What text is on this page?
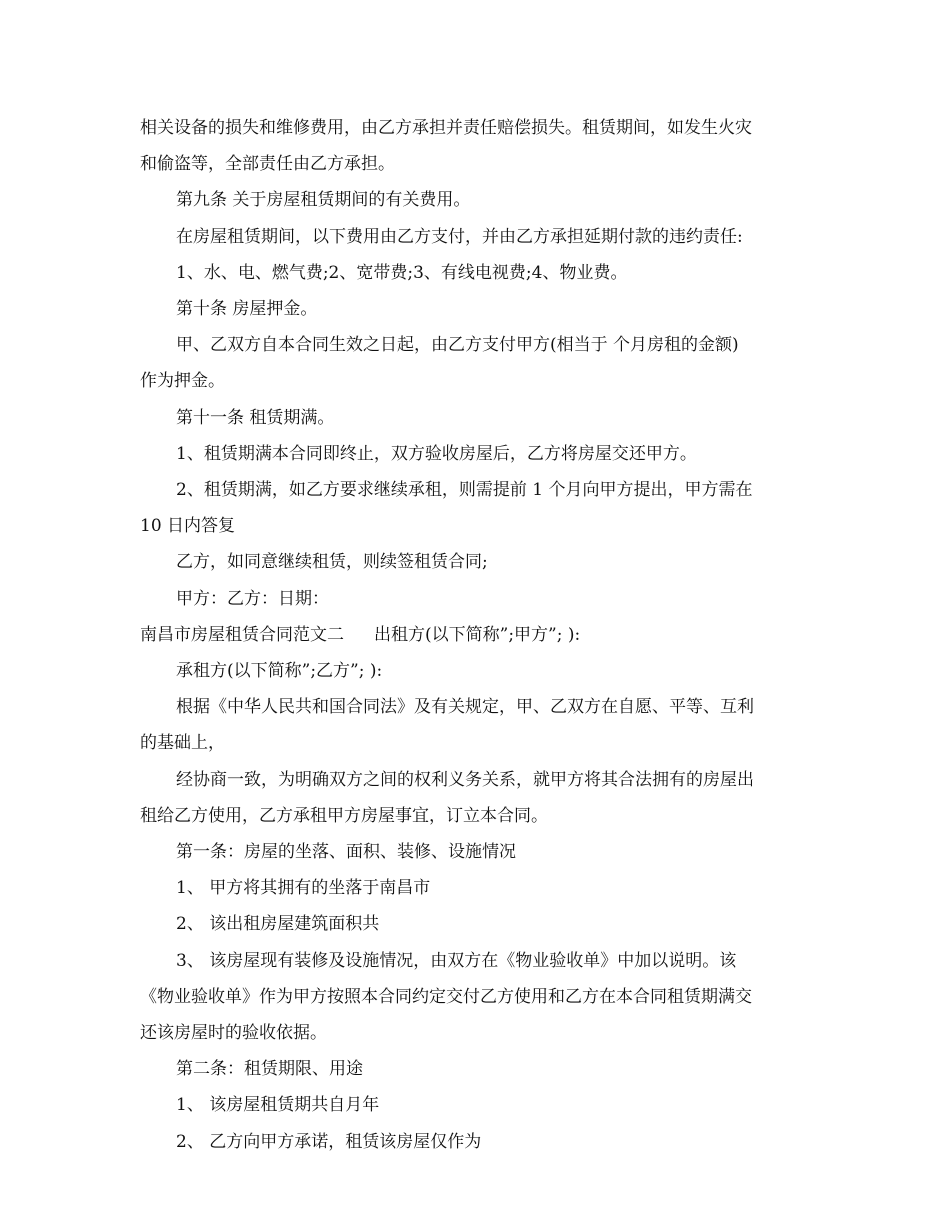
相关设备的损失和维修费用，由乙方承担并责任赔偿损失。租赁期间，如发生火灾
和偷盗等，全部责任由乙方承担。
第九条 关于房屋租赁期间的有关费用。
在房屋租赁期间，以下费用由乙方支付，并由乙方承担延期付款的违约责任:
1、水、电、燃气费;2、宽带费;3、有线电视费;4、物业费。
第十条 房屋押金。
甲、乙双方自本合同生效之日起，由乙方支付甲方(相当于 个月房租的金额)
作为押金。
第十一条 租赁期满。
1、租赁期满本合同即终止，双方验收房屋后，乙方将房屋交还甲方。
2、租赁期满，如乙方要求继续承租，则需提前 1 个月向甲方提出，甲方需在
10 日内答复
乙方，如同意继续租赁，则续签租赁合同;
甲方：乙方：日期：
南昌市房屋租赁合同范文二 出租方(以下简称”;甲方”; ):
承租方(以下简称”;乙方”; ):
根据《中华人民共和国合同法》及有关规定，甲、乙双方在自愿、平等、互利
的基础上，
经协商一致，为明确双方之间的权利义务关系，就甲方将其合法拥有的房屋出
租给乙方使用，乙方承租甲方房屋事宜，订立本合同。
第一条：房屋的坐落、面积、装修、设施情况
1、 甲方将其拥有的坐落于南昌市
2、 该出租房屋建筑面积共
3、 该房屋现有装修及设施情况，由双方在《物业验收单》中加以说明。该
《物业验收单》作为甲方按照本合同约定交付乙方使用和乙方在本合同租赁期满交
还该房屋时的验收依据。
第二条：租赁期限、用途
1、 该房屋租赁期共自月年
2、 乙方向甲方承诺，租赁该房屋仅作为
